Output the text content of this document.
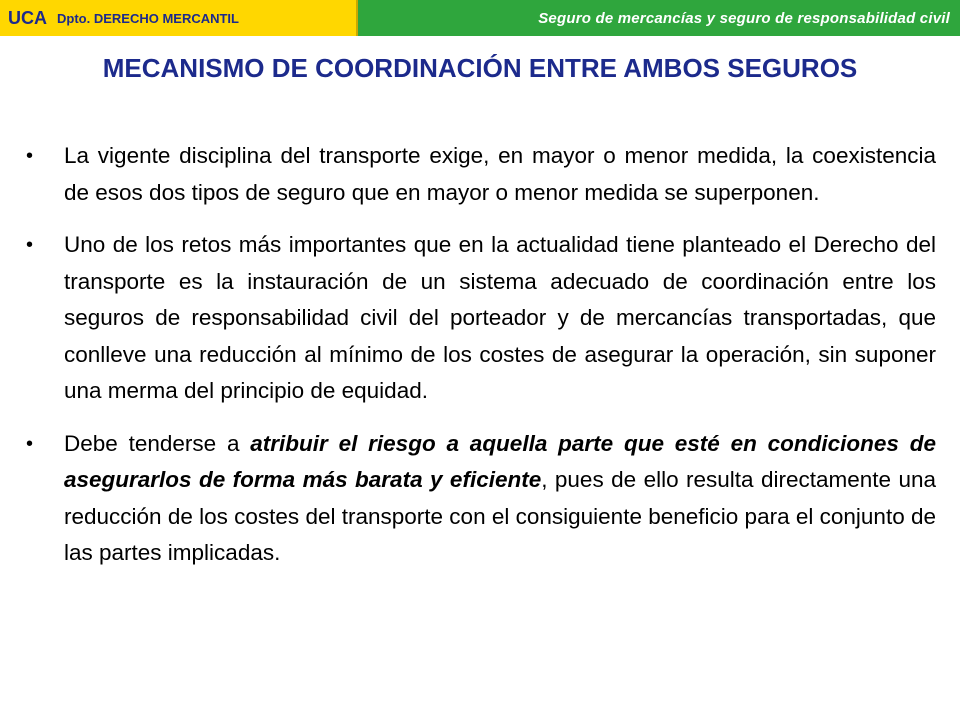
UCA Dpto. DERECHO MERCANTIL	Seguro de mercancías y seguro de responsabilidad civil
MECANISMO DE COORDINACIÓN ENTRE AMBOS SEGUROS
• La vigente disciplina del transporte exige, en mayor o menor medida, la coexistencia de esos dos tipos de seguro que en mayor o menor medida se superponen.
• Uno de los retos más importantes que en la actualidad tiene planteado el Derecho del transporte es la instauración de un sistema adecuado de coordinación entre los seguros de responsabilidad civil del porteador y de mercancías transportadas, que conlleve una reducción al mínimo de los costes de asegurar la operación, sin suponer una merma del principio de equidad.
• Debe tenderse a atribuir el riesgo a aquella parte que esté en condiciones de asegurarlos de forma más barata y eficiente, pues de ello resulta directamente una reducción de los costes del transporte con el consiguiente beneficio para el conjunto de las partes implicadas.
